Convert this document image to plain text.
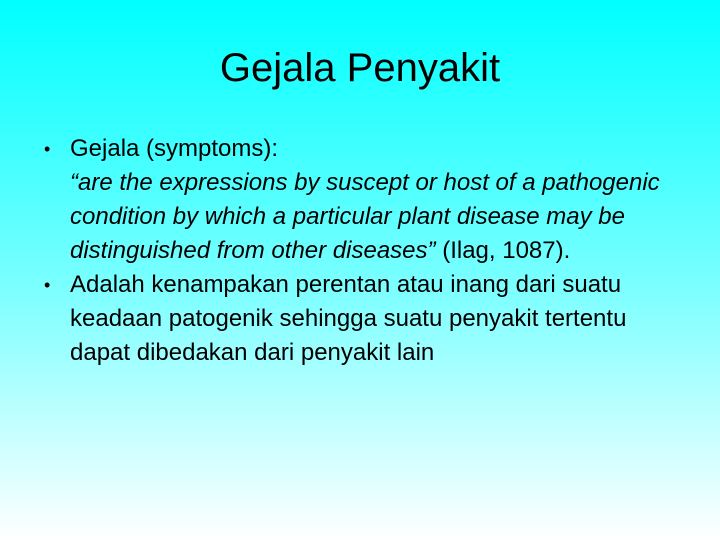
Gejala Penyakit
• Gejala (symptoms):
“are the expressions by suscept or host of a pathogenic condition by which a particular plant disease may be distinguished from other diseases” (Ilag, 1087).
• Adalah kenampakan perentan atau inang dari suatu keadaan patogenik sehingga suatu penyakit tertentu dapat dibedakan dari penyakit lain
